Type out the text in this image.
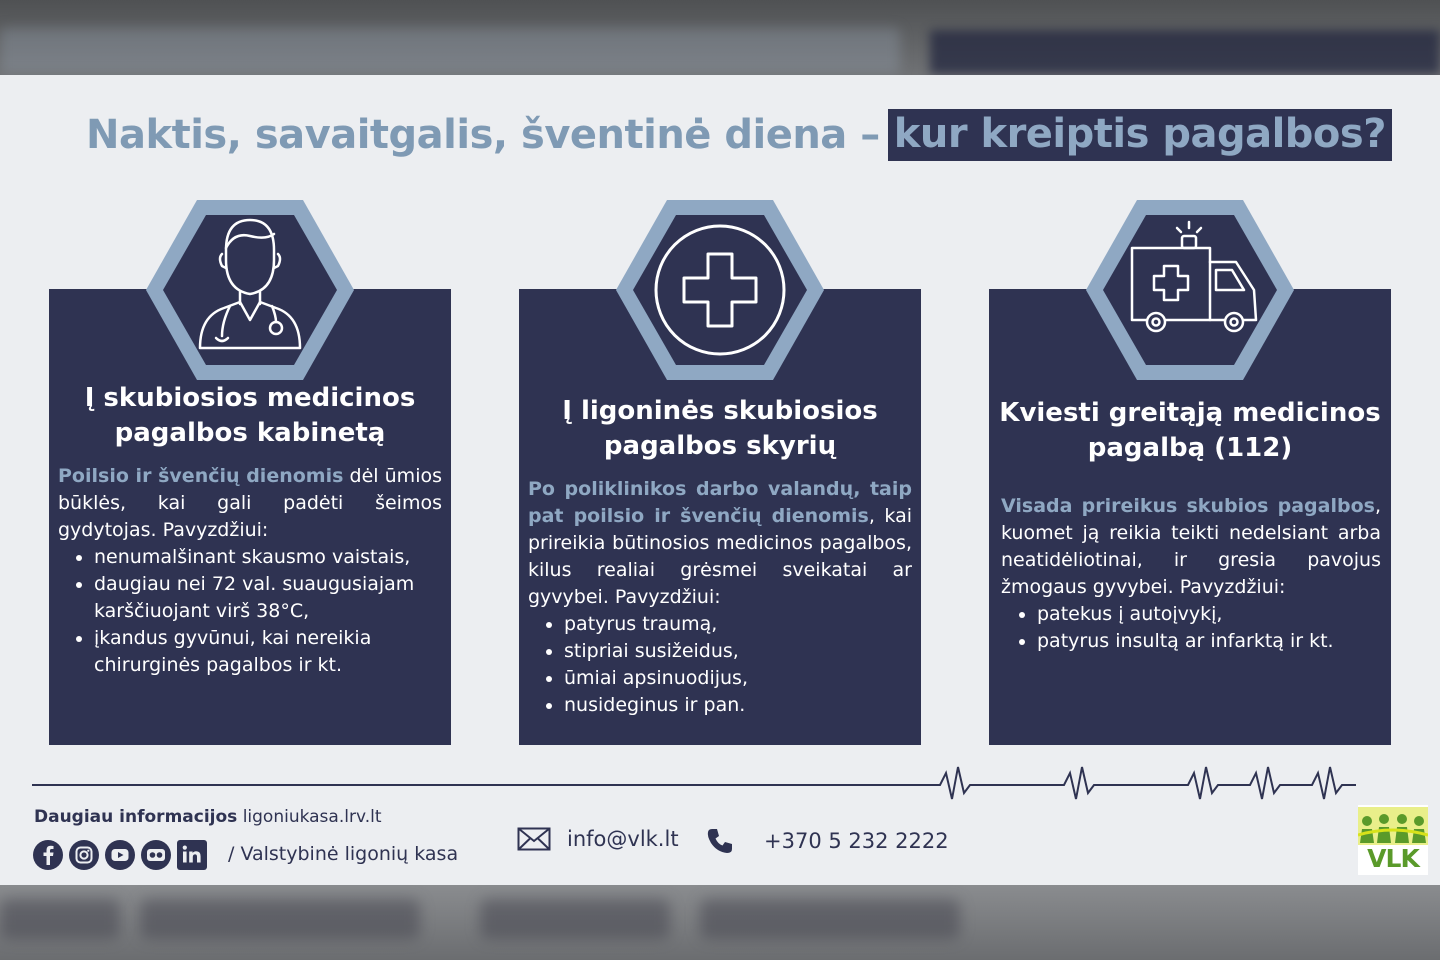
Naktis, savaitgalis, šventinė diena – kur kreiptis pagalbos?
Į skubiosios medicinos
pagalbos kabinetą

Poilsio ir švenčių dienomis dėl ūmios būklės, kai gali padėti šeimos gydytojas. Pavyzdžiui:

nenumalšinant skausmo vaistais,
daugiau nei 72 val. suaugusiajam karščiuojant virš 38°C,
įkandus gyvūnui, kai nereikia chirurginės pagalbos ir kt.
Į ligoninės skubiosios
pagalbos skyrių

Po poliklinikos darbo valandų, taip pat poilsio ir švenčių dienomis, kai prireikia būtinosios medicinos pagalbos, kilus realiai grėsmei sveikatai ar gyvybei. Pavyzdžiui:

patyrus traumą,
stipriai susižeidus,
ūmiai apsinuodijus,
nusideginus ir pan.
Kviesti greitąją medicinos
pagalbą (112)

Visada prireikus skubios pagalbos, kuomet ją reikia teikti nedelsiant arba neatidėliotinai, ir gresia pavojus žmogaus gyvybei. Pavyzdžiui:

patekus į autoįvykį,
patyrus insultą ar infarktą ir kt.
Daugiau informacijos ligoniukasa.lrv.lt
/ Valstybinė ligonių kasa
info@vlk.lt	+370 5 232 2222
VLK
